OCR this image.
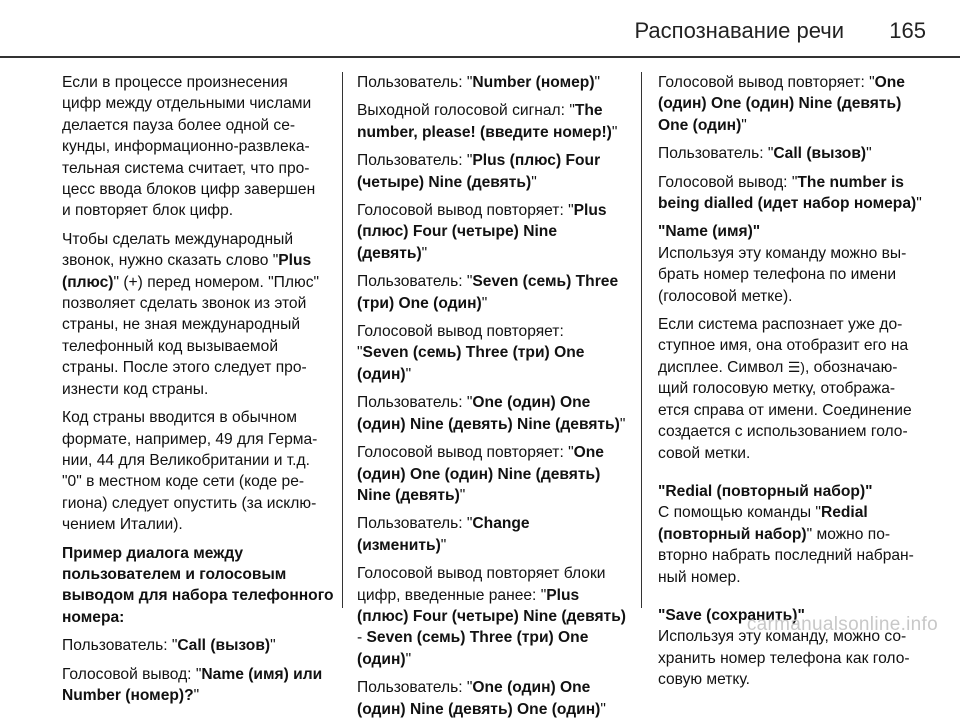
Распознавание речи 165

Если в процессе произнесения
цифр между отдельными числами
делается пауза более одной се-
кунды, информационно-развлека-
тельная система считает, что про-
цесс ввода блоков цифр завершен
и повторяет блок цифр.

Чтобы сделать международный
звонок, нужно сказать слово "Plus
(плюс)" (+) перед номером. "Плюс"
позволяет сделать звонок из этой
страны, не зная международный
телефонный код вызываемой
страны. После этого следует про-
изнести код страны.

Код страны вводится в обычном
формате, например, 49 для Герма-
нии, 44 для Великобритании и т.д.
"0" в местном коде сети (коде ре-
гиона) следует опустить (за исклю-
чением Италии).

Пример диалога между
пользователем и голосовым
выводом для набора телефонного
номера:

Пользователь: "Call (вызов)"

Голосовой вывод: "Name (имя) или
Number (номер)?"

Пользователь: "Number (номер)"

Выходной голосовой сигнал: "The
number, please! (введите номер!)"

Пользователь: "Plus (плюс) Four
(четыре) Nine (девять)"

Голосовой вывод повторяет: "Plus
(плюс) Four (четыре) Nine (девять)"

Пользователь: "Seven (семь) Three
(три) One (один)"

Голосовой вывод повторяет:
"Seven (семь) Three (три) One
(один)"

Пользователь: "One (один) One
(один) Nine (девять) Nine (девять)"

Голосовой вывод повторяет: "One
(один) One (один) Nine (девять)
Nine (девять)"

Пользователь: "Change
(изменить)"

Голосовой вывод повторяет блоки
цифр, введенные ранее: "Plus
(плюс) Four (четыре) Nine (девять)
- Seven (семь) Three (три) One
(один)"

Пользователь: "One (один) One
(один) Nine (девять) One (один)"

Голосовой вывод повторяет: "One
(один) One (один) Nine (девять)
One (один)"

Пользователь: "Call (вызов)"

Голосовой вывод: "The number is
being dialled (идет набор номера)"

"Name (имя)"
Используя эту команду можно вы-
брать номер телефона по имени
(голосовой метке).

Если система распознает уже до-
ступное имя, она отобразит его на
дисплее. Символ ☰), обозначаю-
щий голосовую метку, отобража-
ется справа от имени. Соединение
создается с использованием голо-
совой метки.

"Redial (повторный набор)"
С помощью команды "Redial
(повторный набор)" можно по-
вторно набрать последний набран-
ный номер.

"Save (сохранить)"
Используя эту команду, можно со-
хранить номер телефона как голо-
совую метку.

carmanualsonline.info
